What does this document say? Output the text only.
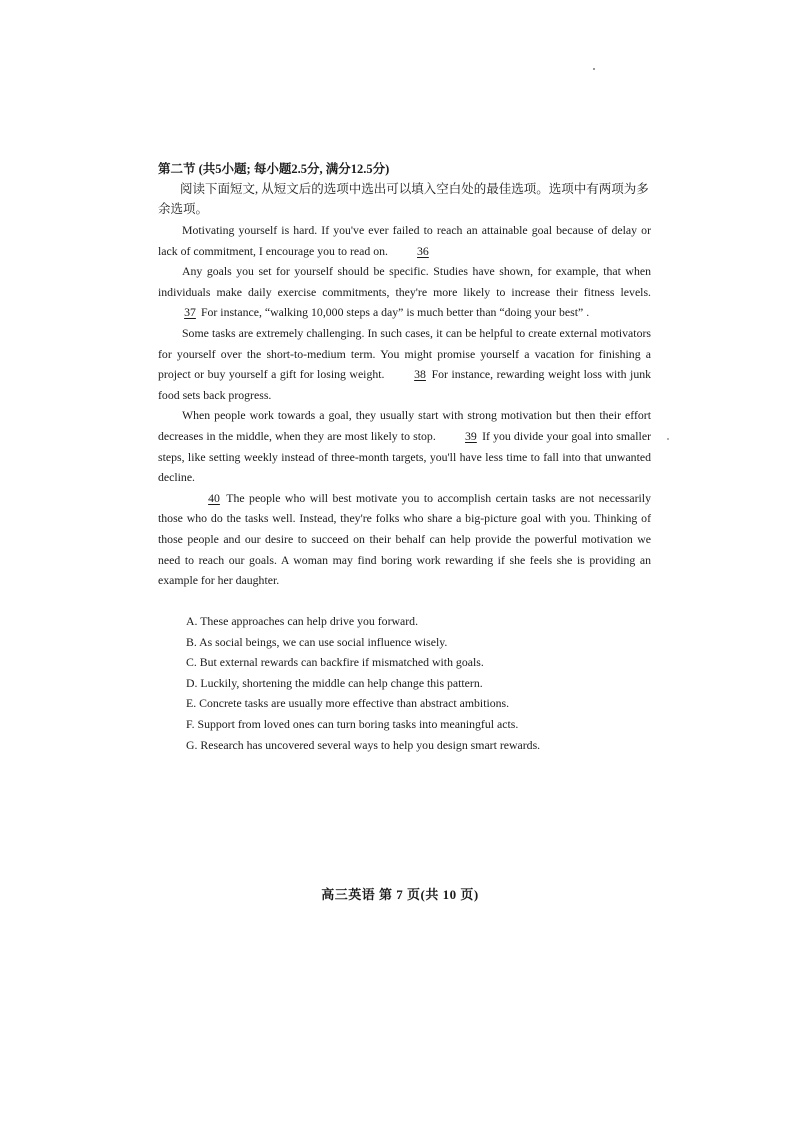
第二节 (共5小题; 每小题2.5分, 满分12.5分)
阅读下面短文, 从短文后的选项中选出可以填入空白处的最佳选项。选项中有两项为多余选项。

Motivating yourself is hard. If you've ever failed to reach an attainable goal because of delay or lack of commitment, I encourage you to read on. 36

Any goals you set for yourself should be specific. Studies have shown, for example, that when individuals make daily exercise commitments, they're more likely to increase their fitness levels. 37 For instance, “walking 10,000 steps a day” is much better than “doing your best” .

Some tasks are extremely challenging. In such cases, it can be helpful to create external motivators for yourself over the short-to-medium term. You might promise yourself a vacation for finishing a project or buy yourself a gift for losing weight.	38 For instance, rewarding weight loss with junk food sets back progress.

When people work towards a goal, they usually start with strong motivation but then their effort decreases in the middle, when they are most likely to stop. 39 If you divide your goal into smaller steps, like setting weekly instead of three-month targets, you'll have less time to fall into that unwanted decline.

40 The people who will best motivate you to accomplish certain tasks are not necessarily those who do the tasks well. Instead, they're folks who share a big-picture goal with you. Thinking of those people and our desire to succeed on their behalf can help provide the powerful motivation we need to reach our goals. A woman may find boring work rewarding if she feels she is providing an example for her daughter.

A. These approaches can help drive you forward.
B. As social beings, we can use social influence wisely.
C. But external rewards can backfire if mismatched with goals.
D. Luckily, shortening the middle can help change this pattern.
E. Concrete tasks are usually more effective than abstract ambitions.
F. Support from loved ones can turn boring tasks into meaningful acts.
G. Research has uncovered several ways to help you design smart rewards.
高三英语 第 7 页(共 10 页)
